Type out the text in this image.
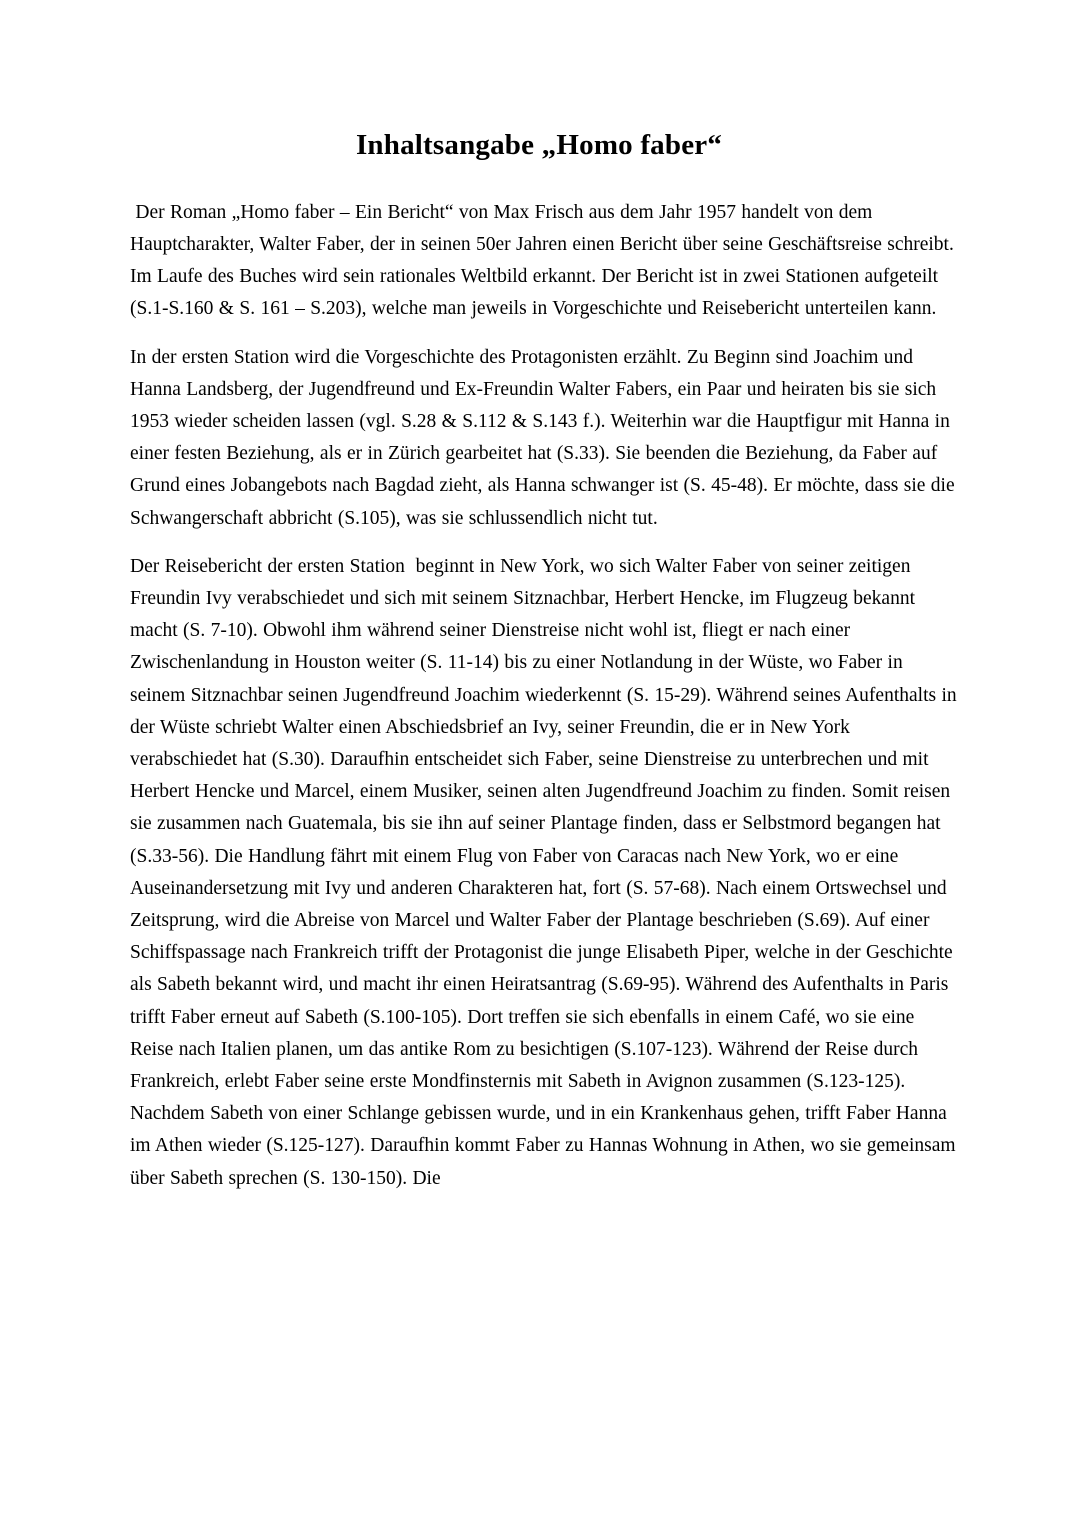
Inhaltsangabe „Homo faber“

Der Roman „Homo faber – Ein Bericht“ von Max Frisch aus dem Jahr 1957 handelt von dem Hauptcharakter, Walter Faber, der in seinen 50er Jahren einen Bericht über seine Geschäftsreise schreibt. Im Laufe des Buches wird sein rationales Weltbild erkannt. Der Bericht ist in zwei Stationen aufgeteilt (S.1-S.160 & S. 161 – S.203), welche man jeweils in Vorgeschichte und Reisebericht unterteilen kann.

In der ersten Station wird die Vorgeschichte des Protagonisten erzählt. Zu Beginn sind Joachim und Hanna Landsberg, der Jugendfreund und Ex-Freundin Walter Fabers, ein Paar und heiraten bis sie sich 1953 wieder scheiden lassen (vgl. S.28 & S.112 & S.143 f.). Weiterhin war die Hauptfigur mit Hanna in einer festen Beziehung, als er in Zürich gearbeitet hat (S.33). Sie beenden die Beziehung, da Faber auf Grund eines Jobangebots nach Bagdad zieht, als Hanna schwanger ist (S. 45-48). Er möchte, dass sie die Schwangerschaft abbricht (S.105), was sie schlussendlich nicht tut.

Der Reisebericht der ersten Station  beginnt in New York, wo sich Walter Faber von seiner zeitigen Freundin Ivy verabschiedet und sich mit seinem Sitznachbar, Herbert Hencke, im Flugzeug bekannt macht (S. 7-10). Obwohl ihm während seiner Dienstreise nicht wohl ist, fliegt er nach einer Zwischenlandung in Houston weiter (S. 11-14) bis zu einer Notlandung in der Wüste, wo Faber in seinem Sitznachbar seinen Jugendfreund Joachim wiederkennt (S. 15-29). Während seines Aufenthalts in der Wüste schriebt Walter einen Abschiedsbrief an Ivy, seiner Freundin, die er in New York verabschiedet hat (S.30). Daraufhin entscheidet sich Faber, seine Dienstreise zu unterbrechen und mit Herbert Hencke und Marcel, einem Musiker, seinen alten Jugendfreund Joachim zu finden. Somit reisen sie zusammen nach Guatemala, bis sie ihn auf seiner Plantage finden, dass er Selbstmord begangen hat (S.33-56). Die Handlung fährt mit einem Flug von Faber von Caracas nach New York, wo er eine Auseinandersetzung mit Ivy und anderen Charakteren hat, fort (S. 57-68). Nach einem Ortswechsel und Zeitsprung, wird die Abreise von Marcel und Walter Faber der Plantage beschrieben (S.69). Auf einer Schiffspassage nach Frankreich trifft der Protagonist die junge Elisabeth Piper, welche in der Geschichte als Sabeth bekannt wird, und macht ihr einen Heiratsantrag (S.69-95). Während des Aufenthalts in Paris trifft Faber erneut auf Sabeth (S.100-105). Dort treffen sie sich ebenfalls in einem Café, wo sie eine Reise nach Italien planen, um das antike Rom zu besichtigen (S.107-123). Während der Reise durch Frankreich, erlebt Faber seine erste Mondfinsternis mit Sabeth in Avignon zusammen (S.123-125). Nachdem Sabeth von einer Schlange gebissen wurde, und in ein Krankenhaus gehen, trifft Faber Hanna im Athen wieder (S.125-127). Daraufhin kommt Faber zu Hannas Wohnung in Athen, wo sie gemeinsam über Sabeth sprechen (S. 130-150). Die
